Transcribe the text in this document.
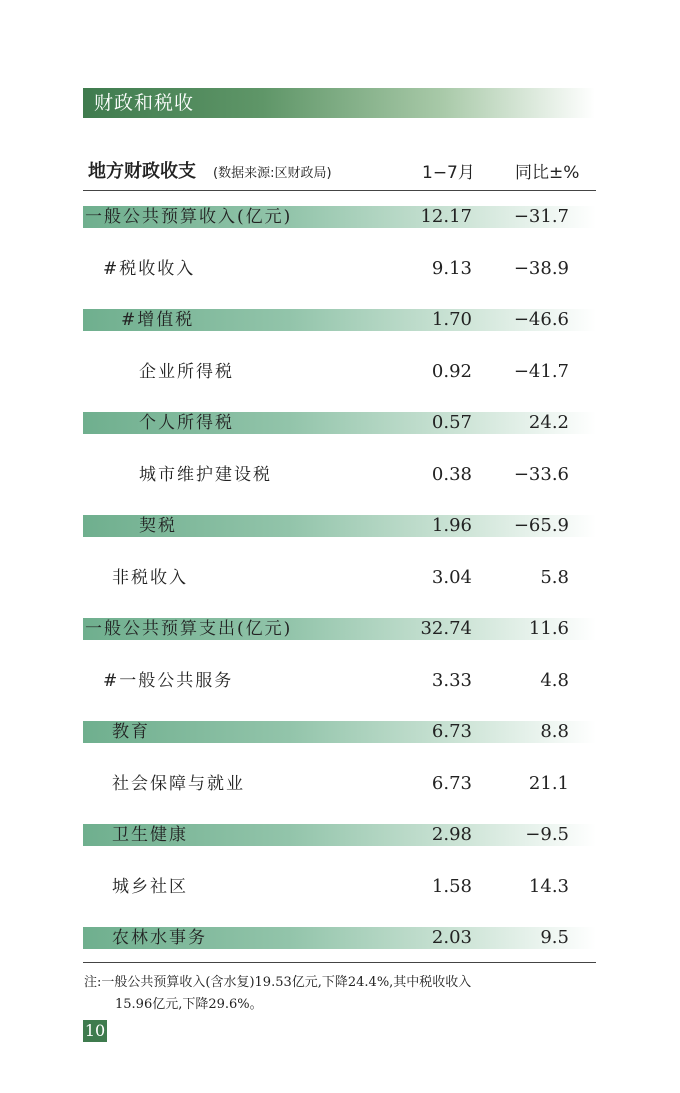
财政和税收
地方财政收支 (数据来源:区财政局)	1−7月 同比±%
一般公共预算收入(亿元)	12.17 −31.7
#税收收入	9.13 −38.9
#增值税	1.70 −46.6
企业所得税	0.92 −41.7
个人所得税	0.57	24.2
城市维护建设税	0.38 −33.6
契税	1.96 −65.9
非税收入	3.04	5.8
一般公共预算支出(亿元)	32.74	11.6
#一般公共服务	3.33	4.8
教育	6.73	8.8
社会保障与就业	6.73	21.1
卫生健康	2.98	−9.5
城乡社区	1.58	14.3
农林水事务	2.03	9.5
注:一般公共预算收入(含水复)19.53亿元,下降24.4%,其中税收收入
15.96亿元,下降29.6%。
10
